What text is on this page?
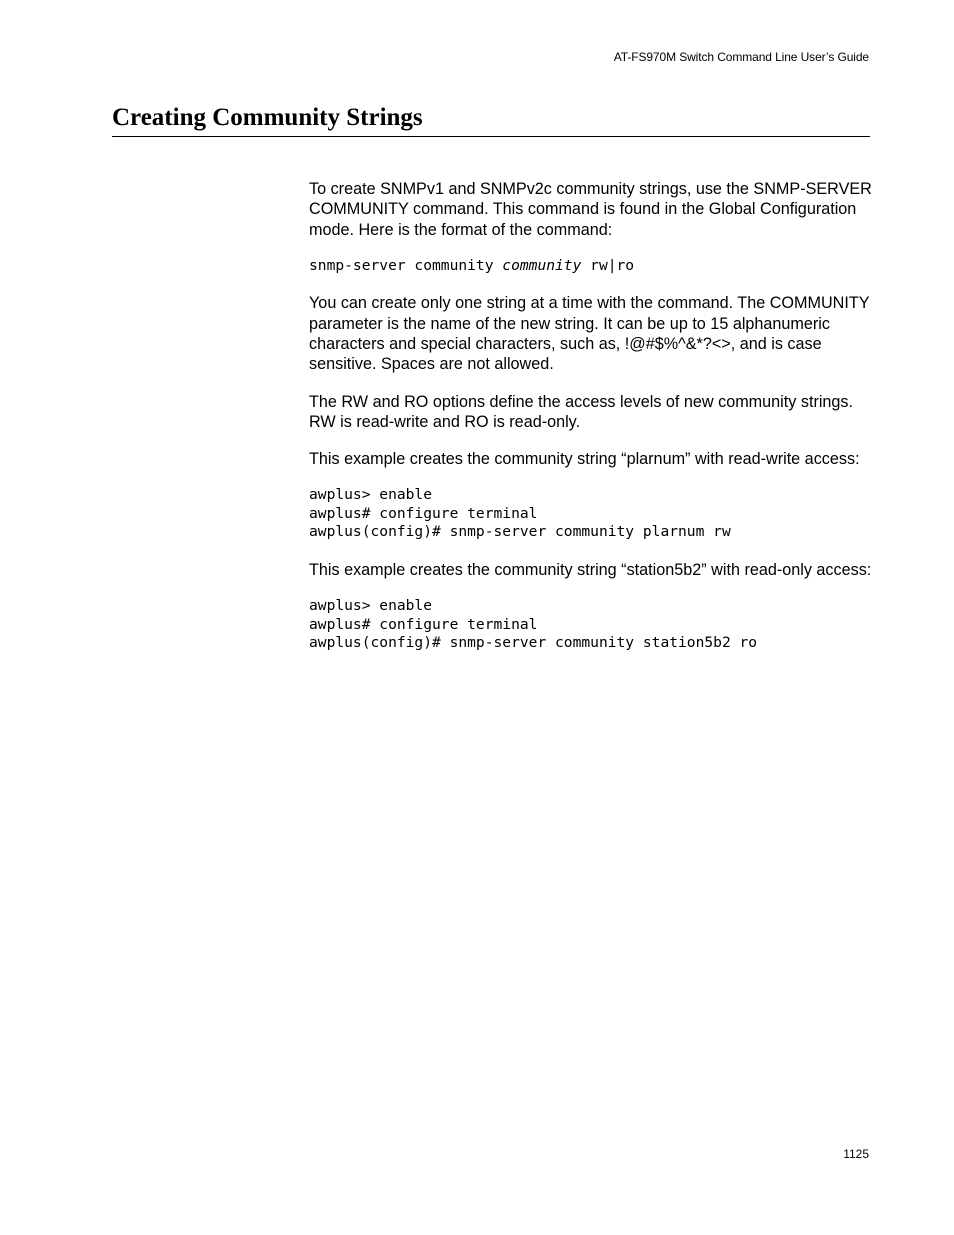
AT-FS970M Switch Command Line User’s Guide
Creating Community Strings

To create SNMPv1 and SNMPv2c community strings, use the SNMP-SERVER COMMUNITY command. This command is found in the Global Configuration mode. Here is the format of the command:

snmp-server community community rw|ro

You can create only one string at a time with the command. The COMMUNITY parameter is the name of the new string. It can be up to 15 alphanumeric characters and special characters, such as, !@#$%^&*?<>, and is case sensitive. Spaces are not allowed.

The RW and RO options define the access levels of new community strings. RW is read-write and RO is read-only.

This example creates the community string “plarnum” with read-write access:

awplus> enable
awplus# configure terminal
awplus(config)# snmp-server community plarnum rw

This example creates the community string “station5b2” with read-only access:

awplus> enable
awplus# configure terminal
awplus(config)# snmp-server community station5b2 ro
1125
